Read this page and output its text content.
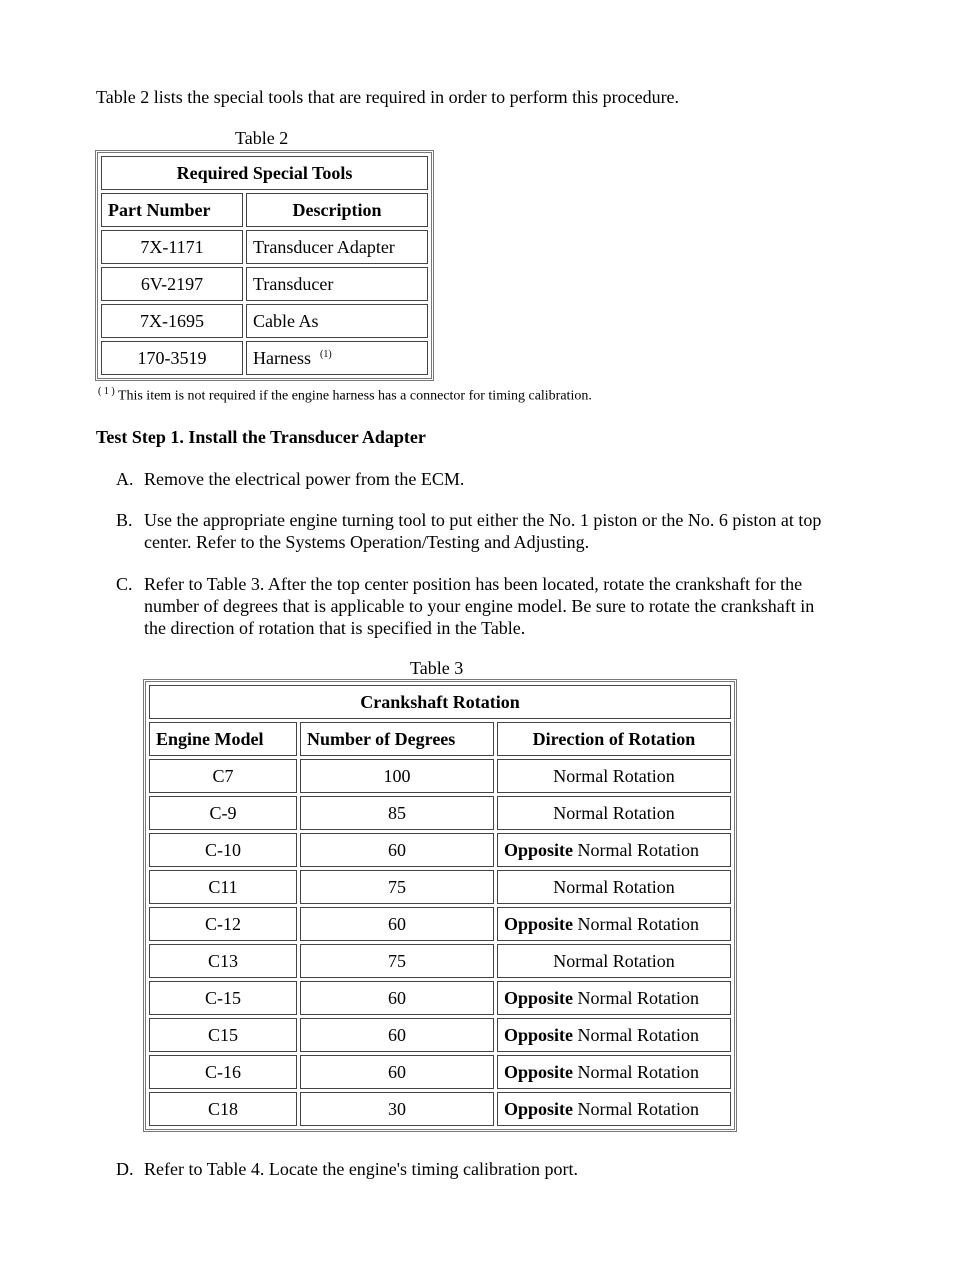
Table 2 lists the special tools that are required in order to perform this procedure.
Table 2
Required Special Tools	
Part Number	Description
7X-1171	Transducer Adapter
6V-2197	Transducer
7X-1695	Cable As
170-3519	Harness $^{(1)}$
$^{( 1 )}$ This item is not required if the engine harness has a connector for timing calibration.
Test Step 1. Install the Transducer Adapter
A. Remove the electrical power from the ECM.
B. Use the appropriate engine turning tool to put either the No. 1 piston or the No. 6 piston at top
center. Refer to the Systems Operation/Testing and Adjusting.
C. Refer to Table 3. After the top center position has been located, rotate the crankshaft for the
number of degrees that is applicable to your engine model. Be sure to rotate the crankshaft in
the direction of rotation that is specified in the Table.
Table 3
Crankshaft Rotation		
Engine Model	Number of Degrees	Direction of Rotation
C7	100	Normal Rotation
C-9	85	Normal Rotation
C-10	60	Opposite Normal Rotation
C11	75	Normal Rotation
C-12	60	Opposite Normal Rotation
C13	75	Normal Rotation
C-15	60	Opposite Normal Rotation
C15	60	Opposite Normal Rotation
C-16	60	Opposite Normal Rotation
C18	30	Opposite Normal Rotation
D. Refer to Table 4. Locate the engine's timing calibration port.
